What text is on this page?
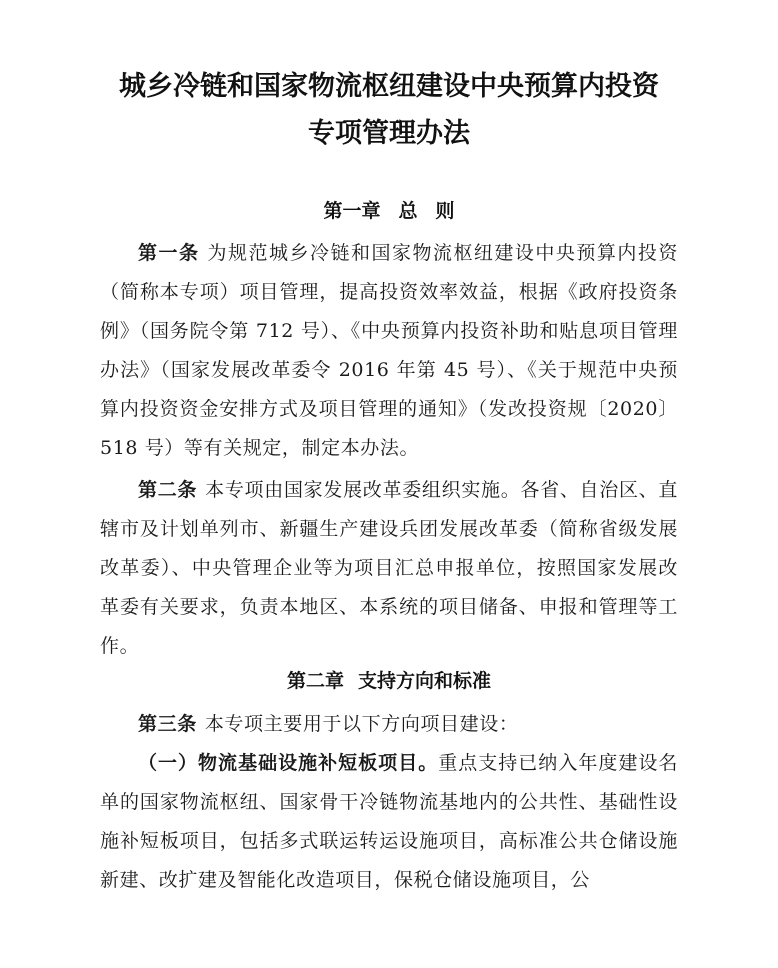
城乡冷链和国家物流枢纽建设中央预算内投资
专项管理办法
第一章 总 则
第一条 为规范城乡冷链和国家物流枢纽建设中央预算内投资（简称本专项）项目管理，提高投资效率效益，根据《政府投资条例》（国务院令第 712 号）、《中央预算内投资补助和贴息项目管理办法》（国家发展改革委令 2016 年第 45 号）、《关于规范中央预算内投资资金安排方式及项目管理的通知》（发改投资规〔2020〕518 号）等有关规定，制定本办法。
第二条 本专项由国家发展改革委组织实施。各省、自治区、直辖市及计划单列市、新疆生产建设兵团发展改革委（简称省级发展改革委）、中央管理企业等为项目汇总申报单位，按照国家发展改革委有关要求，负责本地区、本系统的项目储备、申报和管理等工作。
第二章 支持方向和标准
第三条 本专项主要用于以下方向项目建设：
（一）物流基础设施补短板项目。重点支持已纳入年度建设名单的国家物流枢纽、国家骨干冷链物流基地内的公共性、基础性设施补短板项目，包括多式联运转运设施项目，高标准公共仓储设施新建、改扩建及智能化改造项目，保税仓储设施项目，公
